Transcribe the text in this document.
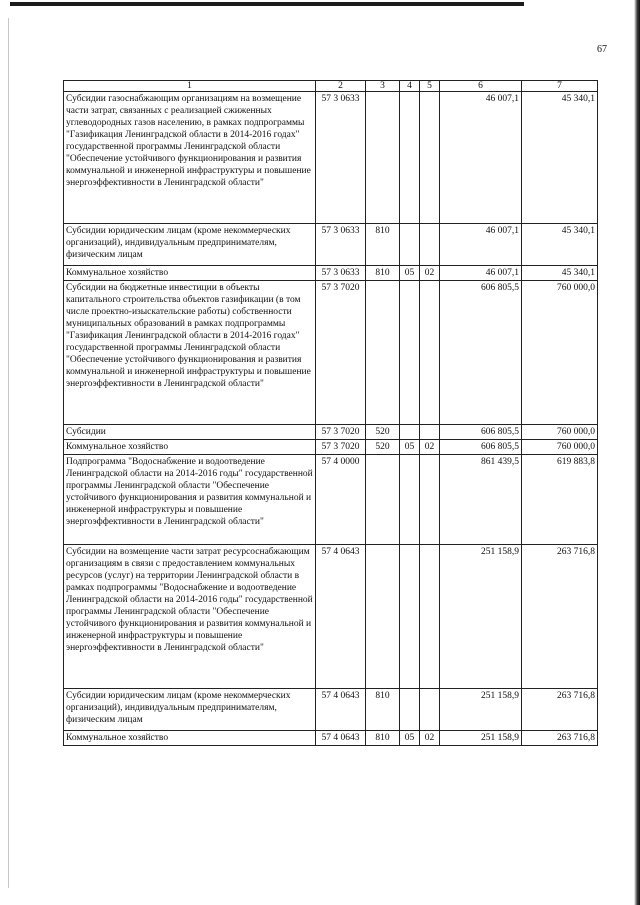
67
1	2	3	4	5	6	7
Субсидии газоснабжающим организациям на возмещение части затрат, связанных с реализацией сжиженных углеводородных газов населению, в рамках подпрограммы "Газификация Ленинградской области в 2014-2016 годах" государственной программы Ленинградской области "Обеспечение устойчивого функционирования и развития коммунальной и инженерной инфраструктуры и повышение энергоэффективности в Ленинградской области"	57 3 0633				46 007,1	45 340,1
Субсидии юридическим лицам (кроме некоммерческих организаций), индивидуальным предпринимателям, физическим лицам	57 3 0633	810			46 007,1	45 340,1
Коммунальное хозяйство	57 3 0633	810	05	02	46 007,1	45 340,1
Субсидии на бюджетные инвестиции в объекты капитального строительства объектов газификации (в том числе проектно-изыскательские работы) собственности муниципальных образований в рамках подпрограммы "Газификация Ленинградской области в 2014-2016 годах" государственной программы Ленинградской области "Обеспечение устойчивого функционирования и развития коммунальной и инженерной инфраструктуры и повышение энергоэффективности в Ленинградской области"	57 3 7020				606 805,5	760 000,0
Субсидии	57 3 7020	520			606 805,5	760 000,0
Коммунальное хозяйство	57 3 7020	520	05	02	606 805,5	760 000,0
Подпрограмма "Водоснабжение и водоотведение Ленинградской области на 2014-2016 годы" государственной программы Ленинградской области "Обеспечение устойчивого функционирования и развития коммунальной и инженерной инфраструктуры и повышение энергоэффективности в Ленинградской области"	57 4 0000				861 439,5	619 883,8
Субсидии на возмещение части затрат ресурсоснабжающим организациям в связи с предоставлением коммунальных ресурсов (услуг) на территории Ленинградской области в рамках подпрограммы "Водоснабжение и водоотведение Ленинградской области на 2014-2016 годы" государственной программы Ленинградской области "Обеспечение устойчивого функционирования и развития коммунальной и инженерной инфраструктуры и повышение энергоэффективности в Ленинградской области"	57 4 0643				251 158,9	263 716,8
Субсидии юридическим лицам (кроме некоммерческих организаций), индивидуальным предпринимателям, физическим лицам	57 4 0643	810			251 158,9	263 716,8
Коммунальное хозяйство	57 4 0643	810	05	02	251 158,9	263 716,8
